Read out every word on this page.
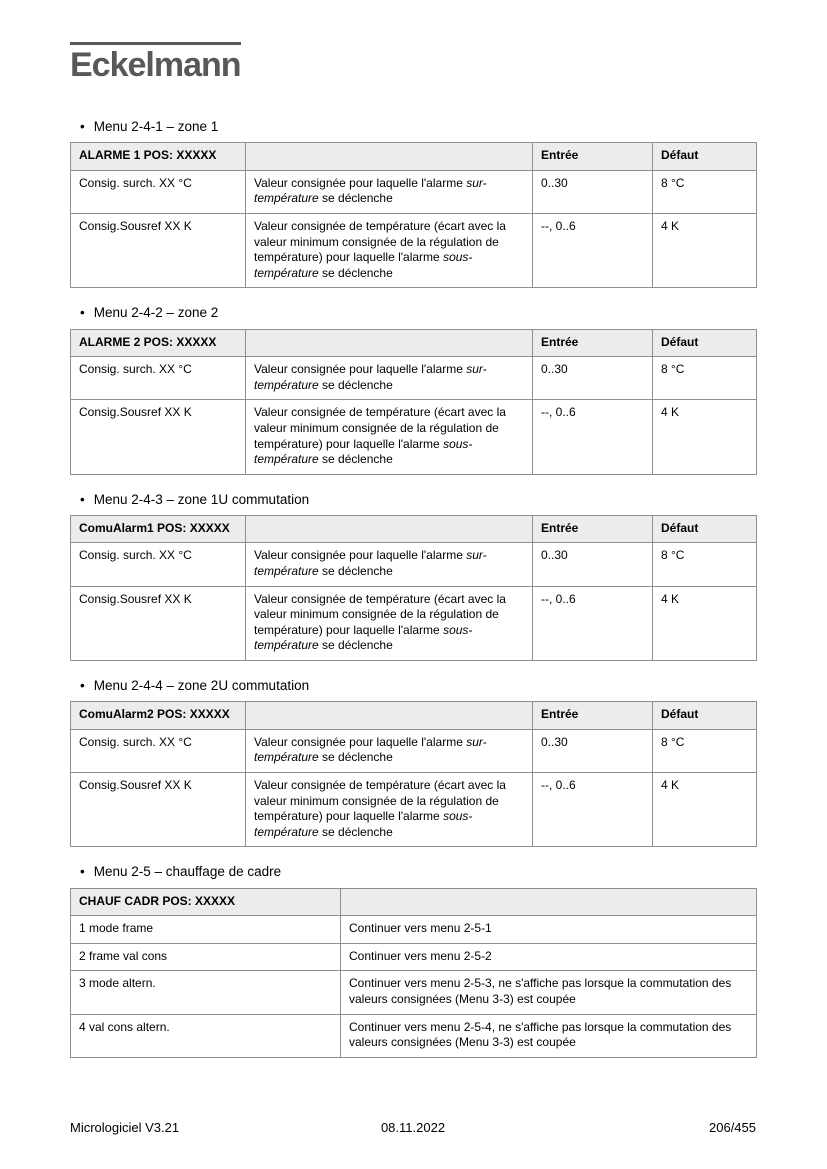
Eckelmann
• Menu 2-4-1 – zone 1
ALARME 1 POS: XXXXX		Entrée	Défaut
Consig. surch. XX °C	Valeur consignée pour laquelle l'alarme sur-température se déclenche	0..30	8 °C
Consig.Sousref XX K	Valeur consignée de température (écart avec la valeur minimum consignée de la régulation de température) pour laquelle l'alarme sous-température se déclenche	--, 0..6	4 K
• Menu 2-4-2 – zone 2
ALARME 2 POS: XXXXX		Entrée	Défaut
Consig. surch. XX °C	Valeur consignée pour laquelle l'alarme sur-température se déclenche	0..30	8 °C
Consig.Sousref XX K	Valeur consignée de température (écart avec la valeur minimum consignée de la régulation de température) pour laquelle l'alarme sous-température se déclenche	--, 0..6	4 K
• Menu 2-4-3 – zone 1U commutation
ComuAlarm1 POS: XXXXX		Entrée	Défaut
Consig. surch. XX °C	Valeur consignée pour laquelle l'alarme sur-température se déclenche	0..30	8 °C
Consig.Sousref XX K	Valeur consignée de température (écart avec la valeur minimum consignée de la régulation de température) pour laquelle l'alarme sous-température se déclenche	--, 0..6	4 K
• Menu 2-4-4 – zone 2U commutation
ComuAlarm2 POS: XXXXX		Entrée	Défaut
Consig. surch. XX °C	Valeur consignée pour laquelle l'alarme sur-température se déclenche	0..30	8 °C
Consig.Sousref XX K	Valeur consignée de température (écart avec la valeur minimum consignée de la régulation de température) pour laquelle l'alarme sous-température se déclenche	--, 0..6	4 K
• Menu 2-5 – chauffage de cadre
CHAUF CADR POS: XXXXX	
1 mode frame	Continuer vers menu 2-5-1
2 frame val cons	Continuer vers menu 2-5-2
3 mode altern.	Continuer vers menu 2-5-3, ne s'affiche pas lorsque la commutation des valeurs consignées (Menu 3-3) est coupée
4 val cons altern.	Continuer vers menu 2-5-4, ne s'affiche pas lorsque la commutation des valeurs consignées (Menu 3-3) est coupée
Micrologiciel V3.21	08.11.2022	206/455
